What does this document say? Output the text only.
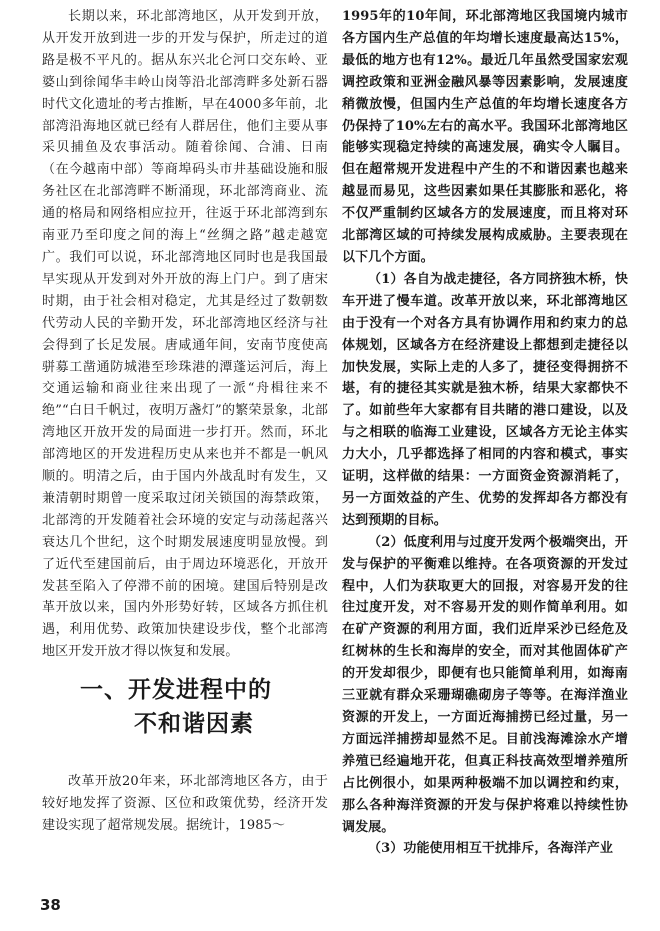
长期以来，环北部湾地区，从开发到开放，从开发开放到进一步的开发与保护，所走过的道路是极不平凡的。据从东兴北仑河口交东岭、亚婆山到徐闻华丰岭山岗等沿北部湾畔多处新石器时代文化遗址的考古推断，早在4000多年前，北部湾沿海地区就已经有人群居住，他们主要从事采贝捕鱼及农事活动。随着徐闻、合浦、日南（在今越南中部）等商埠码头市井基础设施和服务社区在北部湾畔不断涌现，环北部湾商业、流通的格局和网络相应拉开，往返于环北部湾到东南亚乃至印度之间的海上“丝绸之路”越走越宽广。我们可以说，环北部湾地区同时也是我国最早实现从开发到对外开放的海上门户。到了唐宋时期，由于社会相对稳定，尤其是经过了数朝数代劳动人民的辛勤开发，环北部湾地区经济与社会得到了长足发展。唐咸通年间，安南节度使高骈募工凿通防城港至珍珠港的潭蓬运河后，海上交通运输和商业往来出现了一派“舟楫往来不绝”“白日千帆过，夜明万盏灯”的繁荣景象，北部湾地区开放开发的局面进一步打开。然而，环北部湾地区的开发进程历史从来也并不都是一帆风顺的。明清之后，由于国内外战乱时有发生，又兼清朝时期曾一度采取过闭关锁国的海禁政策，北部湾的开发随着社会环境的安定与动荡起落兴衰达几个世纪，这个时期发展速度明显放慢。到了近代至建国前后，由于周边环境恶化，开放开发甚至陷入了停滞不前的困境。建国后特别是改革开放以来，国内外形势好转，区域各方抓住机遇，利用优势、政策加快建设步伐，整个北部湾地区开发开放才得以恢复和发展。

一、开发进程中的
不和谐因素

改革开放20年来，环北部湾地区各方，由于较好地发挥了资源、区位和政策优势，经济开发建设实现了超常规发展。据统计，1985～

1995年的10年间，环北部湾地区我国境内城市各方国内生产总值的年均增长速度最高达15%，最低的地方也有12%。最近几年虽然受国家宏观调控政策和亚洲金融风暴等因素影响，发展速度稍微放慢，但国内生产总值的年均增长速度各方仍保持了10%左右的高水平。我国环北部湾地区能够实现稳定持续的高速发展，确实令人瞩目。但在超常规开发进程中产生的不和谐因素也越来越显而易见，这些因素如果任其膨胀和恶化，将不仅严重制约区域各方的发展速度，而且将对环北部湾区域的可持续发展构成威胁。主要表现在以下几个方面。

（1）各自为战走捷径，各方同挤独木桥，快车开进了慢车道。改革开放以来，环北部湾地区由于没有一个对各方具有协调作用和约束力的总体规划，区域各方在经济建设上都想到走捷径以加快发展，实际上走的人多了，捷径变得拥挤不堪，有的捷径其实就是独木桥，结果大家都快不了。如前些年大家都有目共睹的港口建设，以及与之相联的临海工业建设，区域各方无论主体实力大小，几乎都选择了相同的内容和模式，事实证明，这样做的结果：一方面资金资源消耗了，另一方面效益的产生、优势的发挥却各方都没有达到预期的目标。

（2）低度利用与过度开发两个极端突出，开发与保护的平衡难以维持。在各项资源的开发过程中，人们为获取更大的回报，对容易开发的往往过度开发，对不容易开发的则作简单利用。如在矿产资源的利用方面，我们近岸采沙已经危及红树林的生长和海岸的安全，而对其他固体矿产的开发却很少，即便有也只能简单利用，如海南三亚就有群众采珊瑚礁砌房子等等。在海洋渔业资源的开发上，一方面近海捕捞已经过量，另一方面远洋捕捞却显然不足。目前浅海滩涂水产增养殖已经遍地开花，但真正科技高效型增养殖所占比例很小，如果两种极端不加以调控和约束，那么各种海洋资源的开发与保护将难以持续性协调发展。

（3）功能使用相互干扰排斥，各海洋产业

38
